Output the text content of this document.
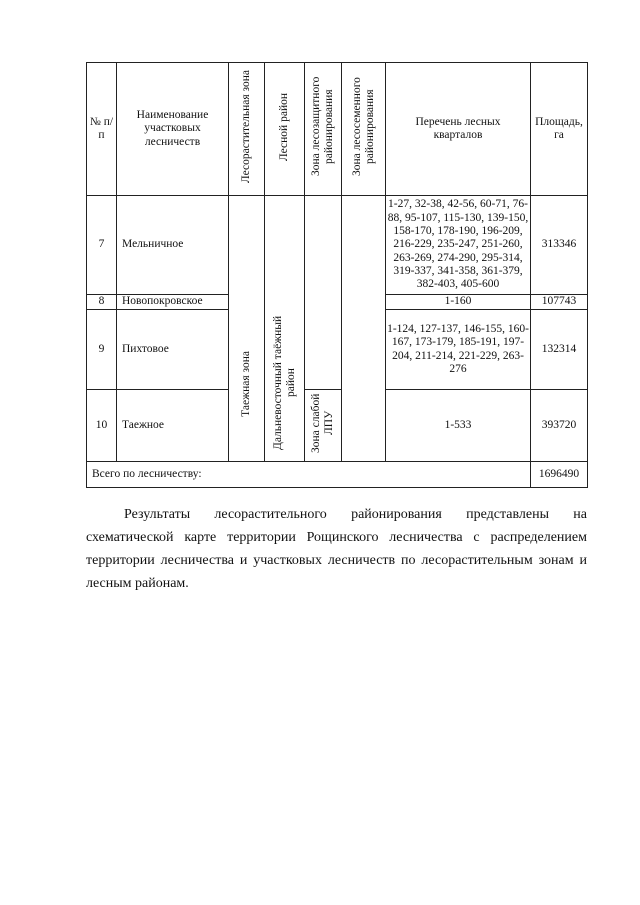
№ п/п	Наименование участковых лесничеств	Лесорастительная зона	Лесной район	Зона лесозащитного районирования	Зона лесосеменного районирования	Перечень лесных кварталов	Площадь, га
7	Мельничное	Таежная зона	Дальневосточный таёжный район			1-27, 32-38, 42-56, 60-71, 76-88, 95-107, 115-130, 139-150, 158-170, 178-190, 196-209, 216-229, 235-247, 251-260, 263-269, 274-290, 295-314, 319-337, 341-358, 361-379, 382-403, 405-600	313346
8	Новопокровское					1-160	107743
9	Пихтовое					1-124, 127-137, 146-155, 160-167, 173-179, 185-191, 197-204, 211-214, 221-229, 263-276	132314
10	Таежное			Зона слабой ЛПУ		1-533	393720
Всего по лесничеству:							1696490

Результаты лесорастительного районирования представлены на
схематической карте территории Рощинского лесничества с распределением территории лесничества и участковых лесничеств по лесорастительным зонам и лесным районам.
